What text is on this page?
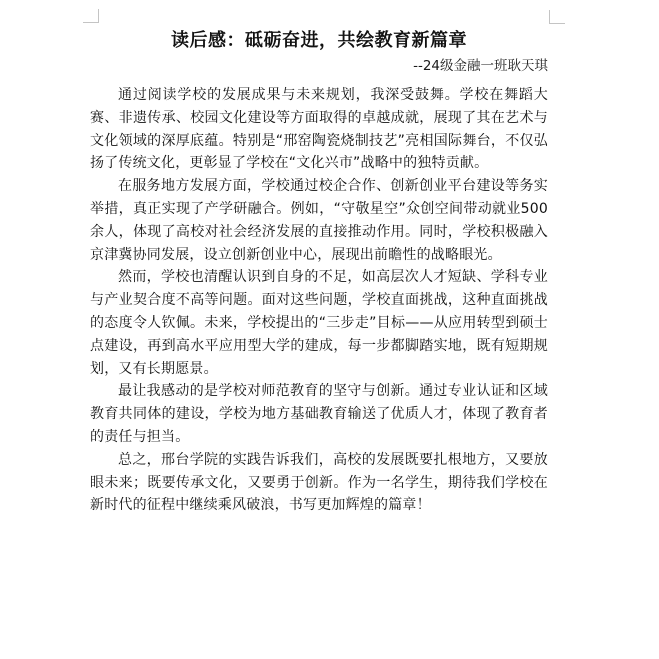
读后感：砥砺奋进，共绘教育新篇章
--24级金融一班耿天琪

通过阅读学校的发展成果与未来规划，我深受鼓舞。学校在舞蹈大赛、非遗传承、校园文化建设等方面取得的卓越成就，展现了其在艺术与文化领域的深厚底蕴。特别是“邢窑陶瓷烧制技艺”亮相国际舞台，不仅弘扬了传统文化，更彰显了学校在“文化兴市”战略中的独特贡献。

在服务地方发展方面，学校通过校企合作、创新创业平台建设等务实举措，真正实现了产学研融合。例如，“守敬星空”众创空间带动就业500余人，体现了高校对社会经济发展的直接推动作用。同时，学校积极融入京津冀协同发展，设立创新创业中心，展现出前瞻性的战略眼光。

然而，学校也清醒认识到自身的不足，如高层次人才短缺、学科专业与产业契合度不高等问题。面对这些问题，学校直面挑战，这种直面挑战的态度令人钦佩。未来，学校提出的“三步走”目标——从应用转型到硕士点建设，再到高水平应用型大学的建成，每一步都脚踏实地，既有短期规划，又有长期愿景。

最让我感动的是学校对师范教育的坚守与创新。通过专业认证和区域教育共同体的建设，学校为地方基础教育输送了优质人才，体现了教育者的责任与担当。

总之，邢台学院的实践告诉我们，高校的发展既要扎根地方，又要放眼未来；既要传承文化，又要勇于创新。作为一名学生，期待我们学校在新时代的征程中继续乘风破浪，书写更加辉煌的篇章！
